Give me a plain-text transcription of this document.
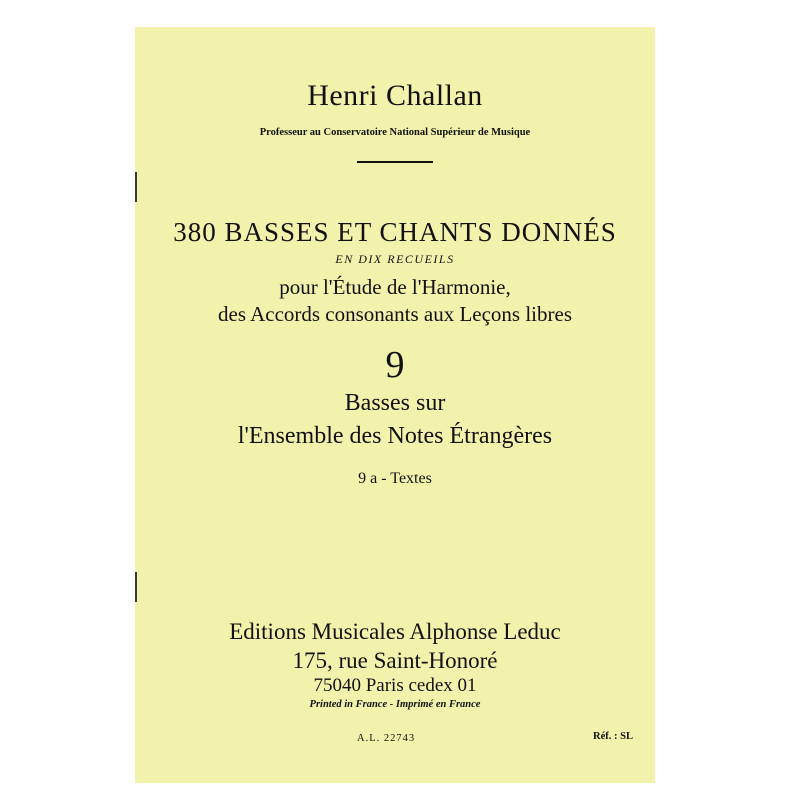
Henri Challan
Professeur au Conservatoire National Supérieur de Musique
380 BASSES ET CHANTS DONNÉS
EN DIX RECUEILS
pour l'Étude de l'Harmonie,
des Accords consonants aux Leçons libres
9
Basses sur
l'Ensemble des Notes Étrangères
9 a - Textes
Editions Musicales Alphonse Leduc
175, rue Saint-Honoré
75040 Paris cedex 01
Printed in France - Imprimé en France
A.L. 22743	Réf. : SL
